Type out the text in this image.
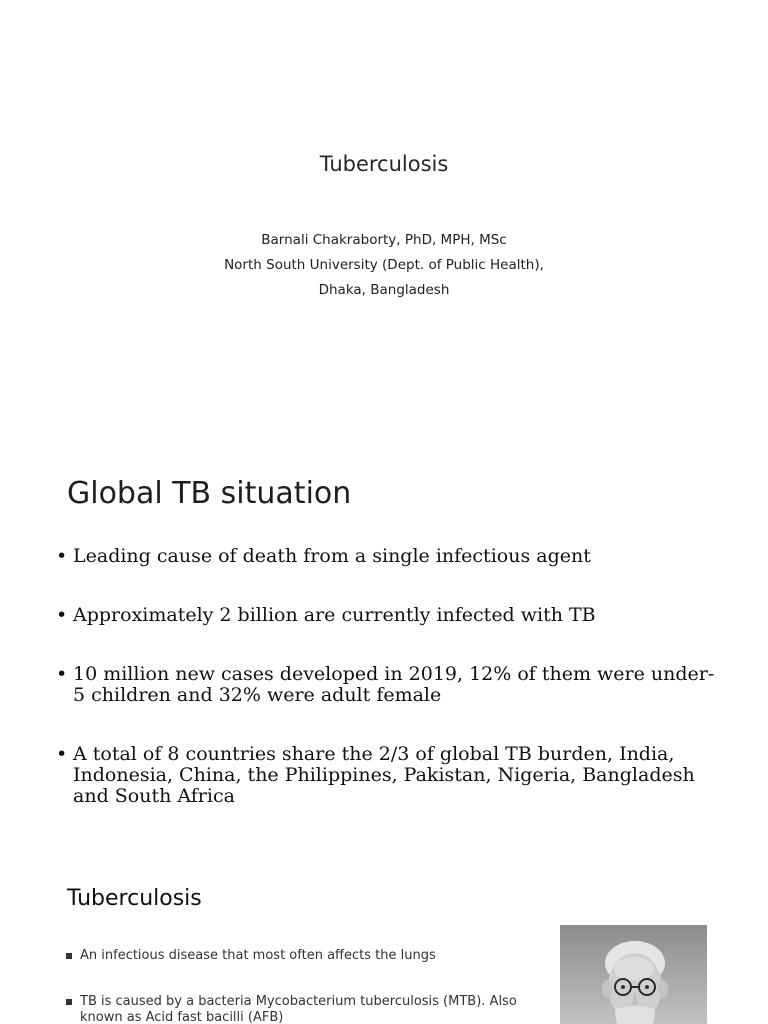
Tuberculosis
Barnali Chakraborty, PhD, MPH, MSc
North South University (Dept. of Public Health),
Dhaka, Bangladesh
Global TB situation
• Leading cause of death from a single infectious agent
• Approximately 2 billion are currently infected with TB
• 10 million new cases developed in 2019, 12% of them were under-5 children and 32% were adult female
• A total of 8 countries share the 2/3 of global TB burden, India, Indonesia, China, the Philippines, Pakistan, Nigeria, Bangladesh and South Africa
Tuberculosis
An infectious disease that most often affects the lungs
TB is caused by a bacteria Mycobacterium tuberculosis (MTB). Also known as Acid fast bacilli (AFB)
